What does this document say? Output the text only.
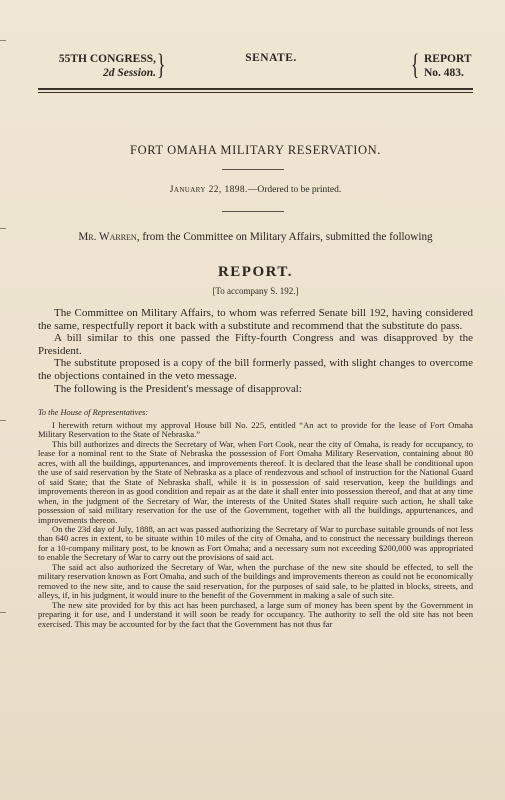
55TH CONGRESS,
2d Session. }	SENATE.	{ REPORT
No. 483.
FORT OMAHA MILITARY RESERVATION.
January 22, 1898.—Ordered to be printed.
Mr. Warren, from the Committee on Military Affairs, submitted the following
REPORT.
[To accompany S. 192.]

The Committee on Military Affairs, to whom was referred Senate bill 192, having considered the same, respectfully report it back with a substitute and recommend that the substitute do pass.

A bill similar to this one passed the Fifty-fourth Congress and was disapproved by the President.

The substitute proposed is a copy of the bill formerly passed, with slight changes to overcome the objections contained in the veto message.

The following is the President's message of disapproval:

To the House of Representatives:

I herewith return without my approval House bill No. 225, entitled “An act to provide for the lease of Fort Omaha Military Reservation to the State of Nebraska.”

This bill authorizes and directs the Secretary of War, when Fort Cook, near the city of Omaha, is ready for occupancy, to lease for a nominal rent to the State of Nebraska the possession of Fort Omaha Military Reservation, containing about 80 acres, with all the buildings, appurtenances, and improvements thereof. It is declared that the lease shall be conditional upon the use of said reservation by the State of Nebraska as a place of rendezvous and school of instruction for the National Guard of said State; that the State of Nebraska shall, while it is in possession of said reservation, keep the buildings and improvements thereon in as good condition and repair as at the date it shall enter into possession thereof, and that at any time when, in the judgment of the Secretary of War, the interests of the United States shall require such action, he shall take possession of said military reservation for the use of the Government, together with all the buildings, appurtenances, and improvements thereon.

On the 23d day of July, 1888, an act was passed authorizing the Secretary of War to purchase suitable grounds of not less than 640 acres in extent, to be situate within 10 miles of the city of Omaha, and to construct the necessary buildings thereon for a 10-company military post, to be known as Fort Omaha; and a necessary sum not exceeding $200,000 was appropriated to enable the Secretary of War to carry out the provisions of said act.

The said act also authorized the Secretary of War, when the purchase of the new site should be effected, to sell the military reservation known as Fort Omaha, and such of the buildings and improvements thereon as could not be economically removed to the new site, and to cause the said reservation, for the purposes of said sale, to be platted in blocks, streets, and alleys, if, in his judgment, it would inure to the benefit of the Government in making a sale of such site.

The new site provided for by this act has been purchased, a large sum of money has been spent by the Government in preparing it for use, and I understand it will soon be ready for occupancy. The authority to sell the old site has not been exercised. This may be accounted for by the fact that the Government has not thus far
